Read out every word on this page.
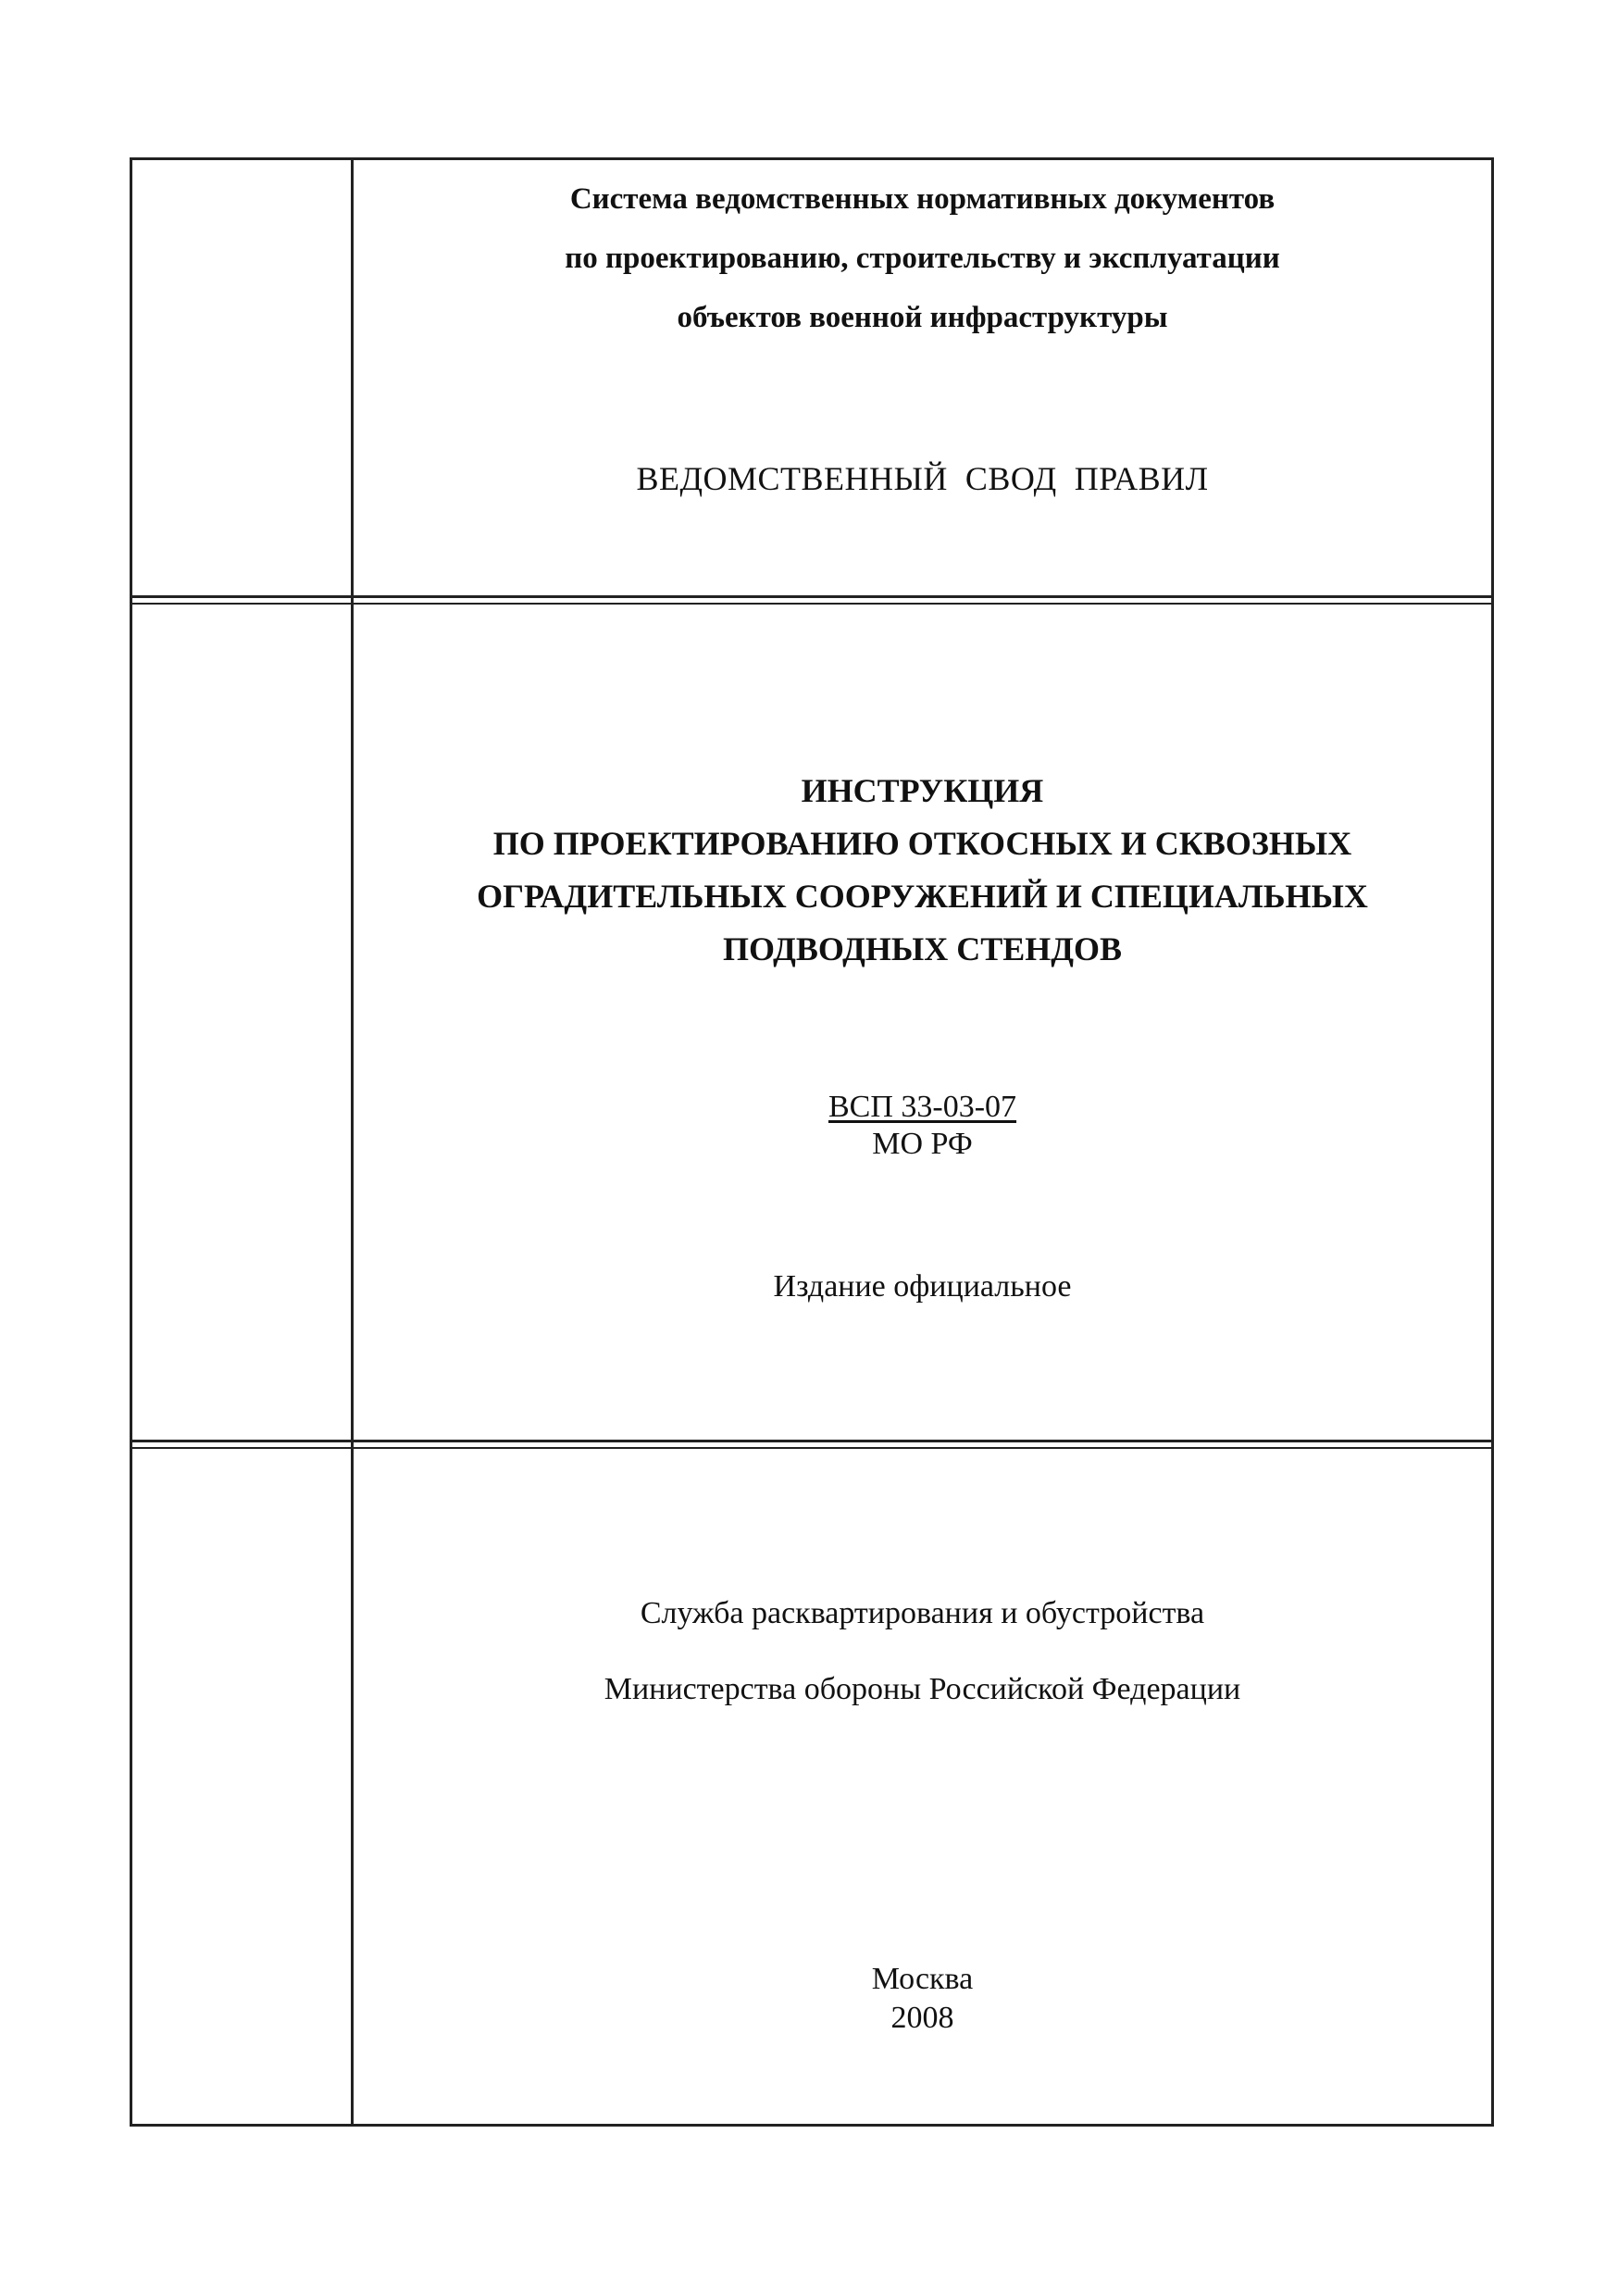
Система ведомственных нормативных документов
по проектированию, строительству и эксплуатации
объектов военной инфраструктуры
ВЕДОМСТВЕННЫЙ  СВОД  ПРАВИЛ
ИНСТРУКЦИЯ
ПО ПРОЕКТИРОВАНИЮ ОТКОСНЫХ И СКВОЗНЫХ
ОГРАДИТЕЛЬНЫХ СООРУЖЕНИЙ И СПЕЦИАЛЬНЫХ
ПОДВОДНЫХ СТЕНДОВ
ВСП 33-03-07
МО РФ
Издание официальное
Служба расквартирования и обустройства
Министерства обороны Российской Федерации
Москва
2008
